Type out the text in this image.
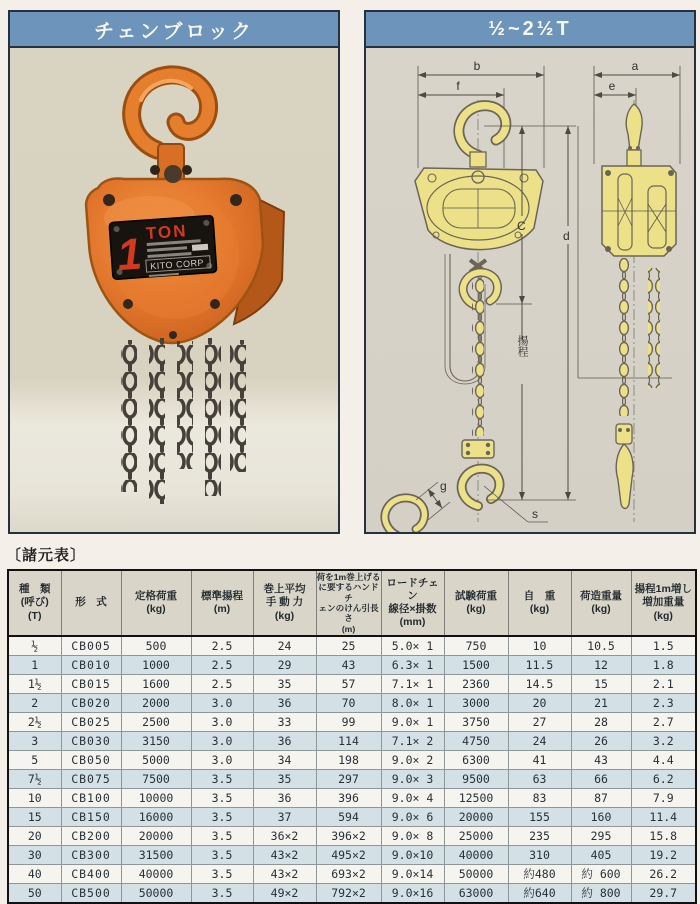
チェンブロック
1 TON
KITO CORP
½~2½T
b
f
s
g
C
揚程
d
a
e
〔諸元表〕
種　類
(呼び)
(T)	形　式	定格荷重
(kg)	標準揚程
(m)	巻上平均
手 動 力
(kg)	荷を1m巻上げる
に要するハンドチ
ェンのけん引長さ
(m)	ロードチェン
線径×掛数
(mm)	試験荷重
(kg)	自　重
(kg)	荷造重量
(kg)	揚程1m増し
増加重量
(kg)
½	CB005	500	2.5	24	25	5.0× 1	750	10	10.5	1.5
1	CB010	1000	2.5	29	43	6.3× 1	1500	11.5	12	1.8
1½	CB015	1600	2.5	35	57	7.1× 1	2360	14.5	15	2.1
2	CB020	2000	3.0	36	70	8.0× 1	3000	20	21	2.3
2½	CB025	2500	3.0	33	99	9.0× 1	3750	27	28	2.7
3	CB030	3150	3.0	36	114	7.1× 2	4750	24	26	3.2
5	CB050	5000	3.0	34	198	9.0× 2	6300	41	43	4.4
7½	CB075	7500	3.5	35	297	9.0× 3	9500	63	66	6.2
10	CB100	10000	3.5	36	396	9.0× 4	12500	83	87	7.9
15	CB150	16000	3.5	37	594	9.0× 6	20000	155	160	11.4
20	CB200	20000	3.5	36×2	396×2	9.0× 8	25000	235	295	15.8
30	CB300	31500	3.5	43×2	495×2	9.0×10	40000	310	405	19.2
40	CB400	40000	3.5	43×2	693×2	9.0×14	50000	約480	約 600	26.2
50	CB500	50000	3.5	49×2	792×2	9.0×16	63000	約640	約 800	29.7
